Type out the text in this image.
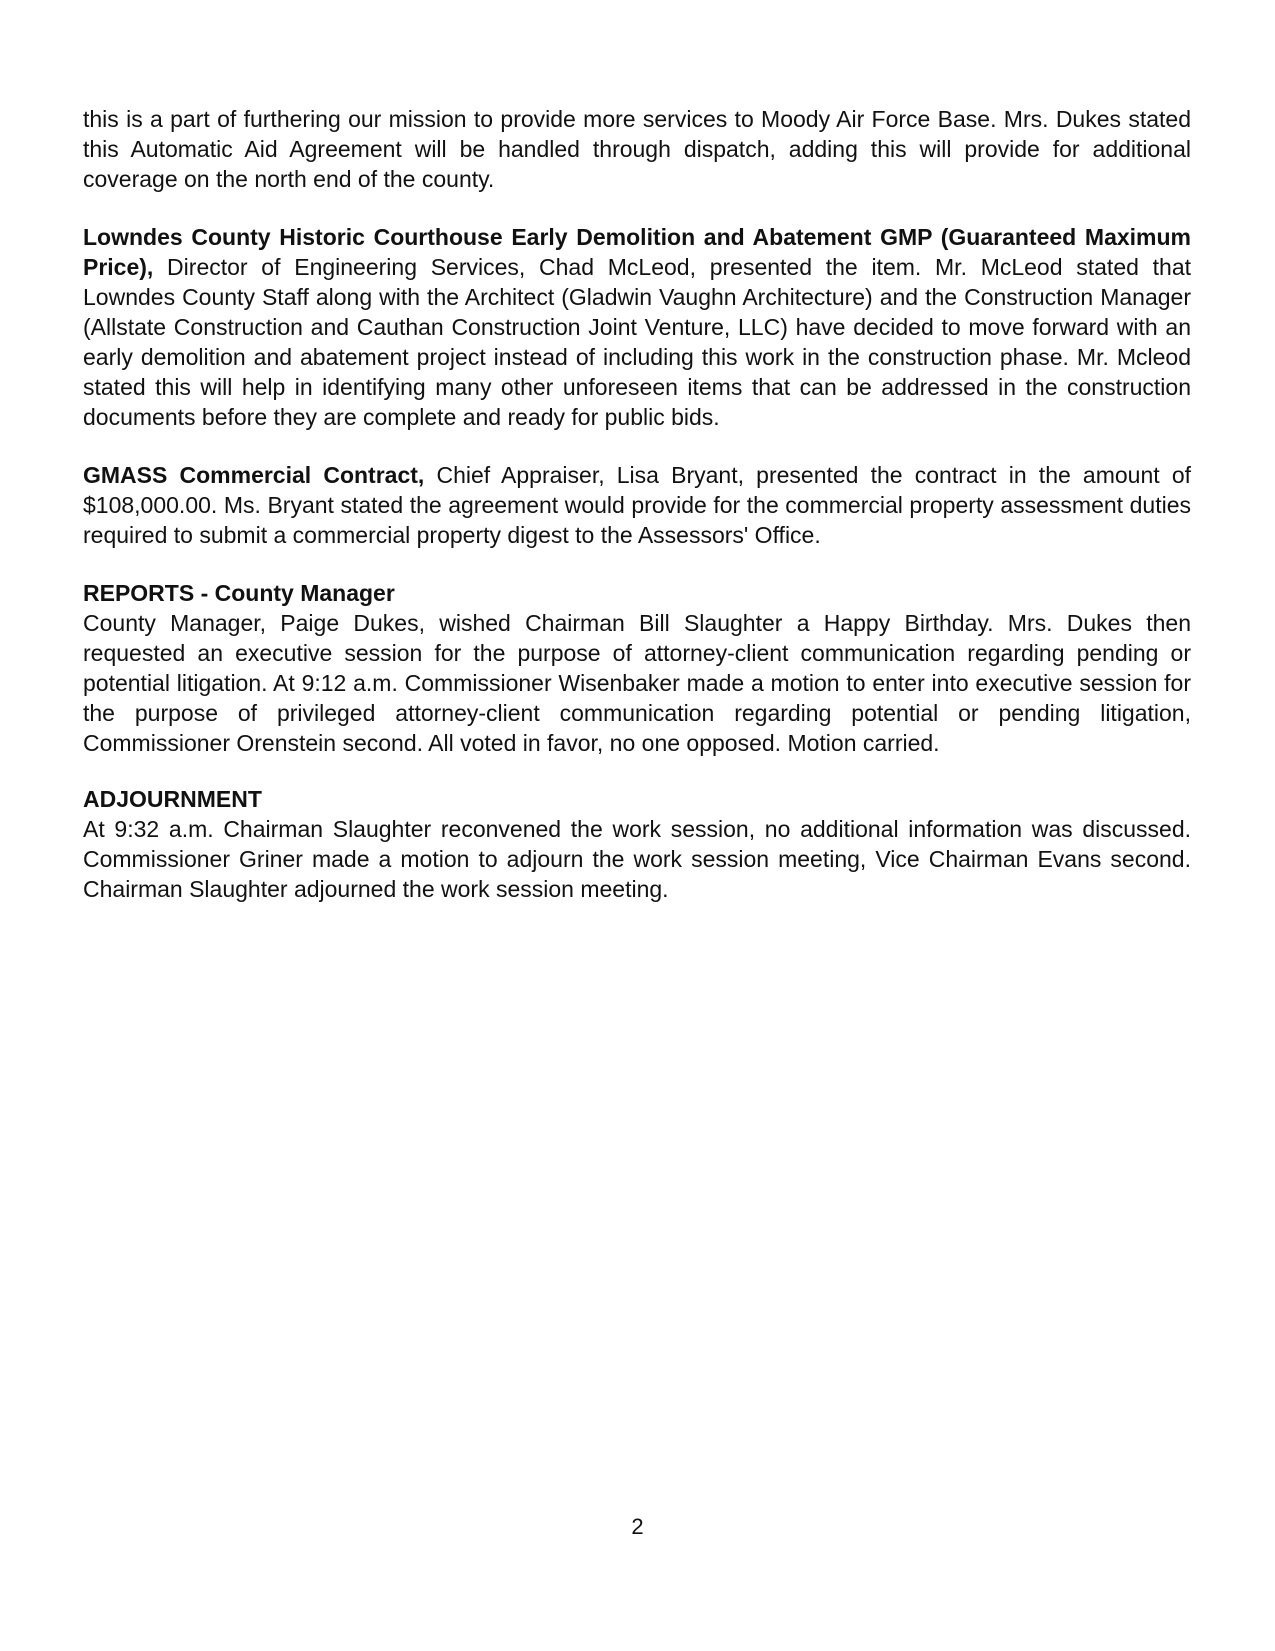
this is a part of furthering our mission to provide more services to Moody Air Force Base. Mrs. Dukes stated this Automatic Aid Agreement will be handled through dispatch, adding this will provide for additional coverage on the north end of the county.

Lowndes County Historic Courthouse Early Demolition and Abatement GMP (Guaranteed Maximum Price), Director of Engineering Services, Chad McLeod, presented the item. Mr. McLeod stated that Lowndes County Staff along with the Architect (Gladwin Vaughn Architecture) and the Construction Manager (Allstate Construction and Cauthan Construction Joint Venture, LLC) have decided to move forward with an early demolition and abatement project instead of including this work in the construction phase. Mr. Mcleod stated this will help in identifying many other unforeseen items that can be addressed in the construction documents before they are complete and ready for public bids.

GMASS Commercial Contract, Chief Appraiser, Lisa Bryant, presented the contract in the amount of $108,000.00. Ms. Bryant stated the agreement would provide for the commercial property assessment duties required to submit a commercial property digest to the Assessors' Office.

REPORTS - County Manager

County Manager, Paige Dukes, wished Chairman Bill Slaughter a Happy Birthday. Mrs. Dukes then requested an executive session for the purpose of attorney-client communication regarding pending or potential litigation. At 9:12 a.m. Commissioner Wisenbaker made a motion to enter into executive session for the purpose of privileged attorney-client communication regarding potential or pending litigation, Commissioner Orenstein second. All voted in favor, no one opposed. Motion carried.

ADJOURNMENT

At 9:32 a.m. Chairman Slaughter reconvened the work session, no additional information was discussed. Commissioner Griner made a motion to adjourn the work session meeting, Vice Chairman Evans second. Chairman Slaughter adjourned the work session meeting.

2
